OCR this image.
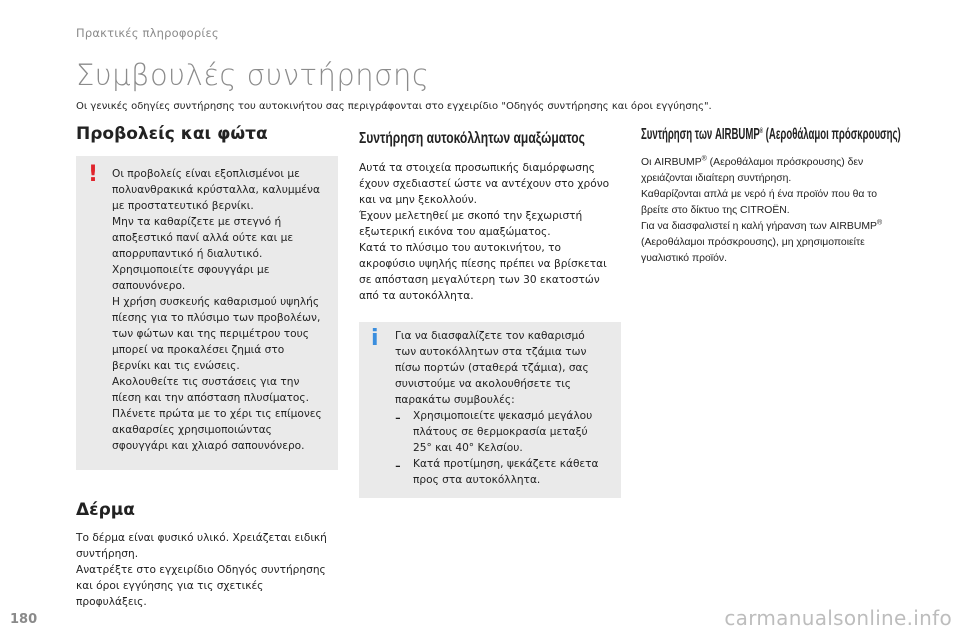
Πρακτικές πληροφορίες
Συμβουλές συντήρησης
Οι γενικές οδηγίες συντήρησης του αυτοκινήτου σας περιγράφονται στο εγχειρίδιο "Οδηγός συντήρησης και όροι εγγύησης".
Προβολείς και φώτα
! Οι προβολείς είναι εξοπλισμένοι με

πολυανθρακικά κρύσταλλα, καλυμμένα

με προστατευτικό βερνίκι.

Μην τα καθαρίζετε με στεγνό ή

αποξεστικό πανί αλλά ούτε και με

απορρυπαντικό ή διαλυτικό.

Χρησιμοποιείτε σφουγγάρι με

σαπουνόνερο.

Η χρήση συσκευής καθαρισμού υψηλής

πίεσης για το πλύσιμο των προβολέων,

των φώτων και της περιμέτρου τους

μπορεί να προκαλέσει ζημιά στο

βερνίκι και τις ενώσεις.

Ακολουθείτε τις συστάσεις για την

πίεση και την απόσταση πλυσίματος.

Πλένετε πρώτα με το χέρι τις επίμονες

ακαθαρσίες χρησιμοποιώντας

σφουγγάρι και χλιαρό σαπουνόνερο.

Δέρμα

Το δέρμα είναι φυσικό υλικό. Χρειάζεται ειδική

συντήρηση.

Ανατρέξτε στο εγχειρίδιο Οδηγός συντήρησης

και όροι εγγύησης για τις σχετικές

προφυλάξεις.

Συντήρηση αυτοκόλλητων αμαξώματος

Αυτά τα στοιχεία προσωπικής διαμόρφωσης

έχουν σχεδιαστεί ώστε να αντέχουν στο χρόνο

και να μην ξεκολλούν.

Έχουν μελετηθεί με σκοπό την ξεχωριστή

εξωτερική εικόνα του αμαξώματος.

Κατά το πλύσιμο του αυτοκινήτου, το

ακροφύσιο υψηλής πίεσης πρέπει να βρίσκεται

σε απόσταση μεγαλύτερη των 30 εκατοστών

από τα αυτοκόλλητα.

i Για να διασφαλίζετε τον καθαρισμό

των αυτοκόλλητων στα τζάμια των

πίσω πορτών (σταθερά τζάμια), σας

συνιστούμε να ακολουθήσετε τις

παρακάτω συμβουλές:

-	Χρησιμοποιείτε ψεκασμό μεγάλου

πλάτους σε θερμοκρασία μεταξύ

25° και 40° Κελσίου.

-	Κατά προτίμηση, ψεκάζετε κάθετα

προς στα αυτοκόλλητα.

Συντήρηση των AIRBUMP® (Αεροθάλαμοι πρόσκρουσης)

Οι AIRBUMP® (Αεροθάλαμοι πρόσκρουσης) δεν

χρειάζονται ιδιαίτερη συντήρηση.

Καθαρίζονται απλά με νερό ή ένα προϊόν που θα το

βρείτε στο δίκτυο της CITROËN.

Για να διασφαλιστεί η καλή γήρανση των AIRBUMP®

(Αεροθάλαμοι πρόσκρουσης), μη χρησιμοποιείτε

γυαλιστικό προϊόν.

180	carmanualsonline.info
